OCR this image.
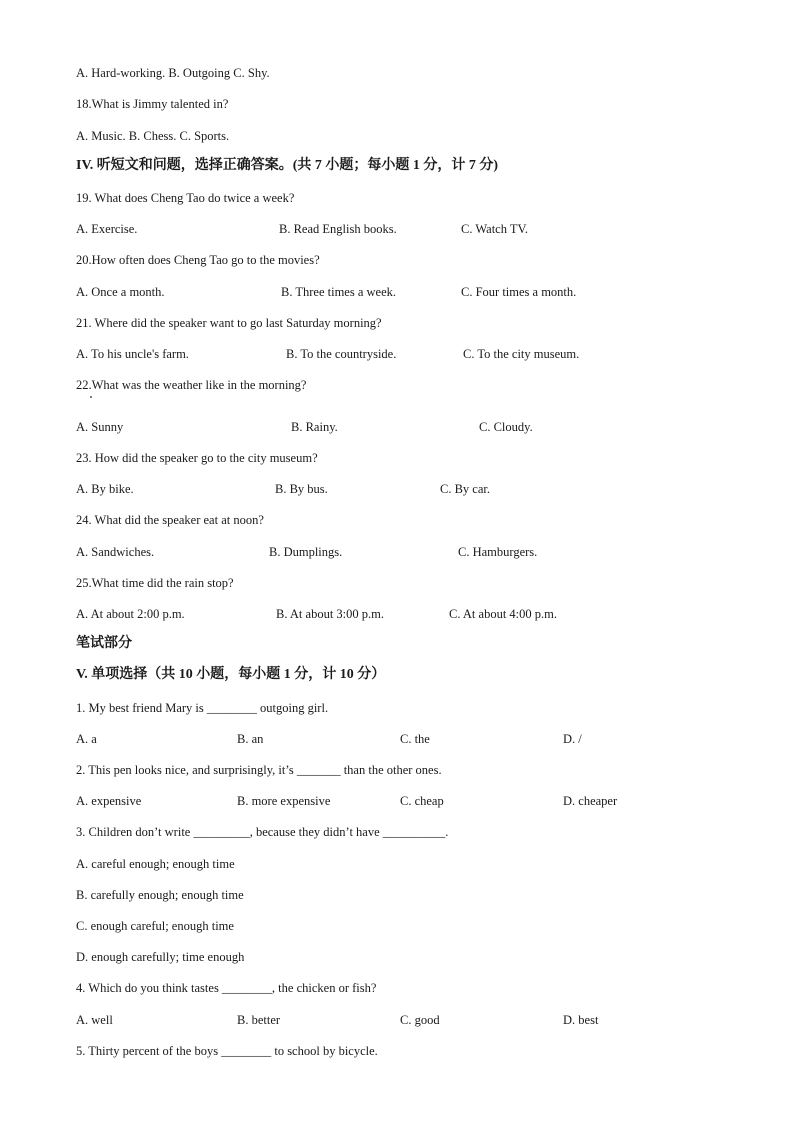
A. Hard-working. B. Outgoing C. Shy.
18.What is Jimmy talented in?
A. Music. B. Chess. C. Sports.
IV. 听短文和问题，选择正确答案。(共 7 小题；每小题 1 分，计 7 分)
19. What does Cheng Tao do twice a week?
A. Exercise.	B. Read English books.	C. Watch TV.
20.How often does Cheng Tao go to the movies?
A. Once a month.	B. Three times a week.	C. Four times a month.
21. Where did the speaker want to go last Saturday morning?
A. To his uncle's farm.	B. To the countryside.	C. To the city museum.
22.What was the weather like in the morning?
A. Sunny	B. Rainy.	C. Cloudy.
23. How did the speaker go to the city museum?
A. By bike.	B. By bus.	C. By car.
24. What did the speaker eat at noon?
A. Sandwiches.	B. Dumplings.	C. Hamburgers.
25.What time did the rain stop?
A. At about 2:00 p.m.	B. At about 3:00 p.m.	C. At about 4:00 p.m.
笔试部分
V. 单项选择（共 10 小题，每小题 1 分，计 10 分）
1. My best friend Mary is ________ outgoing girl.
A. a	B. an	C. the	D. /
2. This pen looks nice, and surprisingly, it’s _______ than the other ones.
A. expensive	B. more expensive	C. cheap	D. cheaper
3. Children don’t write _________, because they didn’t have __________.
A. careful enough; enough time
B. carefully enough; enough time
C. enough careful; enough time
D. enough carefully; time enough
4. Which do you think tastes ________, the chicken or fish?
A. well	B. better	C. good	D. best
5. Thirty percent of the boys ________ to school by bicycle.
